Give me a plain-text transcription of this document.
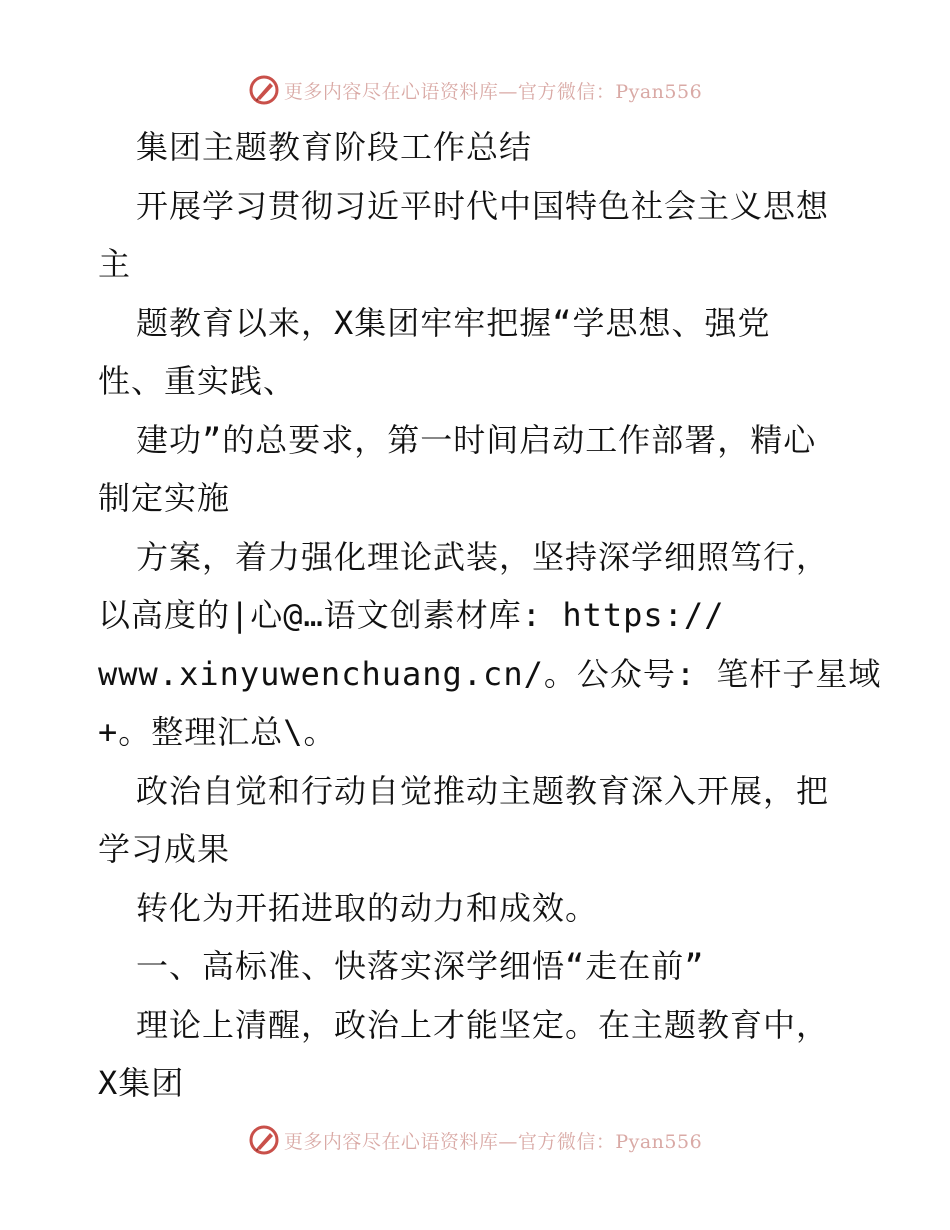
更多内容尽在心语资料库—官方微信：Pyan556
集团主题教育阶段工作总结
开展学习贯彻习近平时代中国特色社会主义思想
主
题教育以来，X集团牢牢把握“学思想、强党
性、重实践、
建功”的总要求，第一时间启动工作部署，精心
制定实施
方案，着力强化理论武装，坚持深学细照笃行，
以高度的|心@…语文创素材库: https://
www.xinyuwenchuang.cn/。公众号: 笔杆子星域
+。整理汇总\。
政治自觉和行动自觉推动主题教育深入开展，把
学习成果
转化为开拓进取的动力和成效。
一、高标准、快落实深学细悟“走在前”
理论上清醒，政治上才能坚定。在主题教育中，
X集团
更多内容尽在心语资料库—官方微信：Pyan556
